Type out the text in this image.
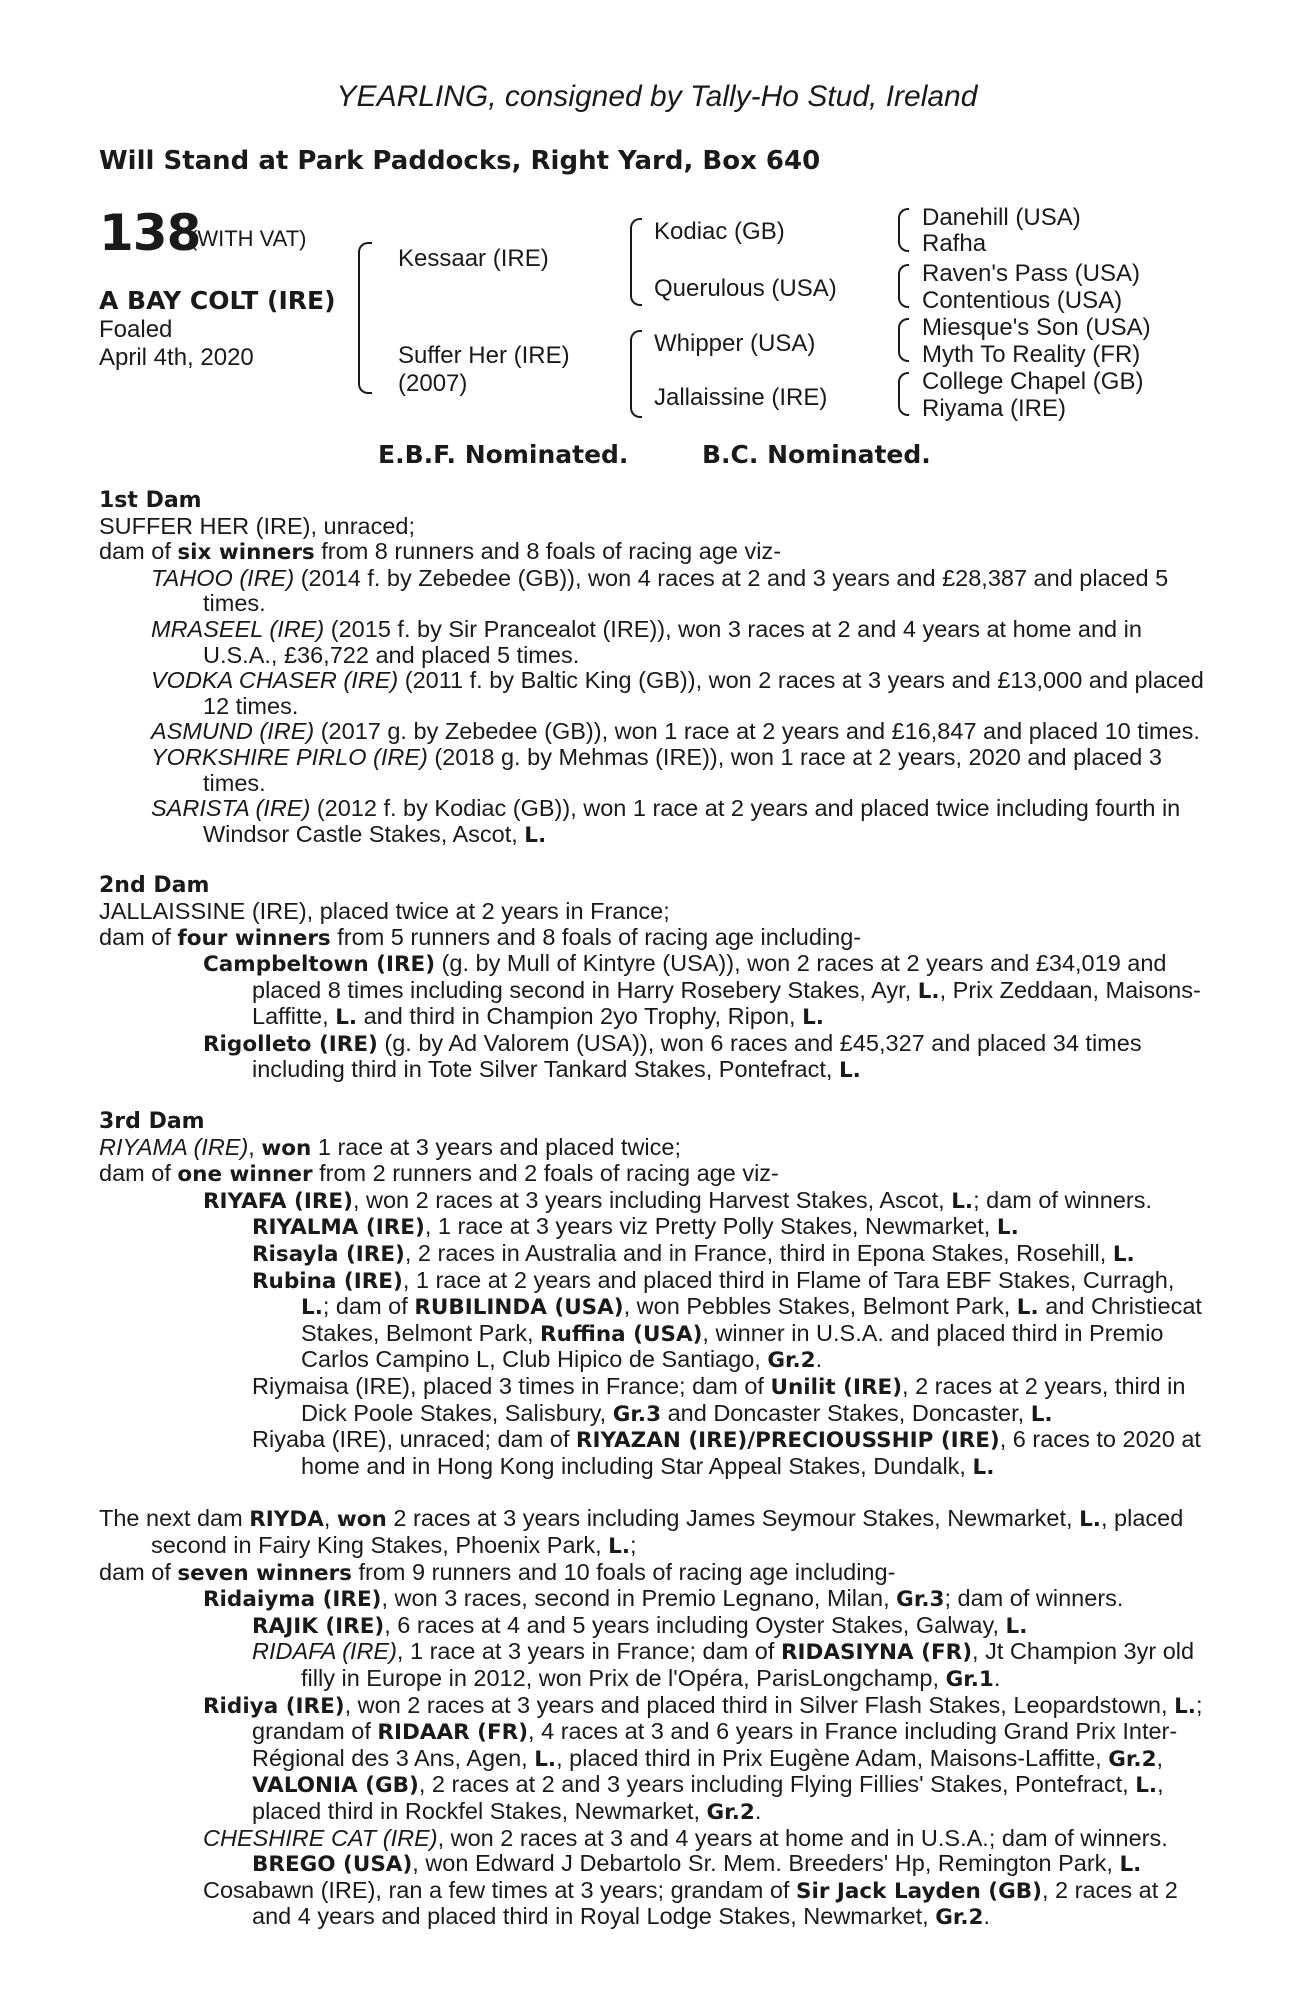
YEARLING, consigned by Tally-Ho Stud, Ireland
Will Stand at Park Paddocks, Right Yard, Box 640
138
(WITH VAT)
A BAY COLT (IRE)
Foaled
April 4th, 2020
Kessaar (IRE)
Suffer Her (IRE)
(2007)
Kodiac (GB)
Querulous (USA)
Whipper (USA)
Jallaissine (IRE)
Danehill (USA)
Rafha
Raven's Pass (USA)
Contentious (USA)
Miesque's Son (USA)
Myth To Reality (FR)
College Chapel (GB)
Riyama (IRE)
E.B.F. Nominated.	B.C. Nominated.
1st Dam
SUFFER HER (IRE), unraced;
dam of six winners from 8 runners and 8 foals of racing age viz-
TAHOO (IRE) (2014 f. by Zebedee (GB)), won 4 races at 2 and 3 years and £28,387 and placed 5 times.
MRASEEL (IRE) (2015 f. by Sir Prancealot (IRE)), won 3 races at 2 and 4 years at home and in U.S.A., £36,722 and placed 5 times.
VODKA CHASER (IRE) (2011 f. by Baltic King (GB)), won 2 races at 3 years and £13,000 and placed 12 times.
ASMUND (IRE) (2017 g. by Zebedee (GB)), won 1 race at 2 years and £16,847 and placed 10 times.
YORKSHIRE PIRLO (IRE) (2018 g. by Mehmas (IRE)), won 1 race at 2 years, 2020 and placed 3 times.
SARISTA (IRE) (2012 f. by Kodiac (GB)), won 1 race at 2 years and placed twice including fourth in Windsor Castle Stakes, Ascot, L.
2nd Dam
JALLAISSINE (IRE), placed twice at 2 years in France;
dam of four winners from 5 runners and 8 foals of racing age including-
Campbeltown (IRE) (g. by Mull of Kintyre (USA)), won 2 races at 2 years and £34,019 and placed 8 times including second in Harry Rosebery Stakes, Ayr, L., Prix Zeddaan, Maisons-Laffitte, L. and third in Champion 2yo Trophy, Ripon, L.
Rigolleto (IRE) (g. by Ad Valorem (USA)), won 6 races and £45,327 and placed 34 times including third in Tote Silver Tankard Stakes, Pontefract, L.
3rd Dam
RIYAMA (IRE), won 1 race at 3 years and placed twice;
dam of one winner from 2 runners and 2 foals of racing age viz-
RIYAFA (IRE), won 2 races at 3 years including Harvest Stakes, Ascot, L.; dam of winners.
RIYALMA (IRE), 1 race at 3 years viz Pretty Polly Stakes, Newmarket, L.
Risayla (IRE), 2 races in Australia and in France, third in Epona Stakes, Rosehill, L.
Rubina (IRE), 1 race at 2 years and placed third in Flame of Tara EBF Stakes, Curragh, L.; dam of RUBILINDA (USA), won Pebbles Stakes, Belmont Park, L. and Christiecat Stakes, Belmont Park, Ruffina (USA), winner in U.S.A. and placed third in Premio Carlos Campino L, Club Hipico de Santiago, Gr.2.
Riymaisa (IRE), placed 3 times in France; dam of Unilit (IRE), 2 races at 2 years, third in Dick Poole Stakes, Salisbury, Gr.3 and Doncaster Stakes, Doncaster, L.
Riyaba (IRE), unraced; dam of RIYAZAN (IRE)/PRECIOUSSHIP (IRE), 6 races to 2020 at home and in Hong Kong including Star Appeal Stakes, Dundalk, L.
The next dam RIYDA, won 2 races at 3 years including James Seymour Stakes, Newmarket, L., placed second in Fairy King Stakes, Phoenix Park, L.;
dam of seven winners from 9 runners and 10 foals of racing age including-
Ridaiyma (IRE), won 3 races, second in Premio Legnano, Milan, Gr.3; dam of winners.
RAJIK (IRE), 6 races at 4 and 5 years including Oyster Stakes, Galway, L.
RIDAFA (IRE), 1 race at 3 years in France; dam of RIDASIYNA (FR), Jt Champion 3yr old filly in Europe in 2012, won Prix de l'Opéra, ParisLongchamp, Gr.1.
Ridiya (IRE), won 2 races at 3 years and placed third in Silver Flash Stakes, Leopardstown, L.; grandam of RIDAAR (FR), 4 races at 3 and 6 years in France including Grand Prix Inter-Régional des 3 Ans, Agen, L., placed third in Prix Eugène Adam, Maisons-Laffitte, Gr.2, VALONIA (GB), 2 races at 2 and 3 years including Flying Fillies' Stakes, Pontefract, L., placed third in Rockfel Stakes, Newmarket, Gr.2.
CHESHIRE CAT (IRE), won 2 races at 3 and 4 years at home and in U.S.A.; dam of winners.
BREGO (USA), won Edward J Debartolo Sr. Mem. Breeders' Hp, Remington Park, L.
Cosabawn (IRE), ran a few times at 3 years; grandam of Sir Jack Layden (GB), 2 races at 2 and 4 years and placed third in Royal Lodge Stakes, Newmarket, Gr.2.
